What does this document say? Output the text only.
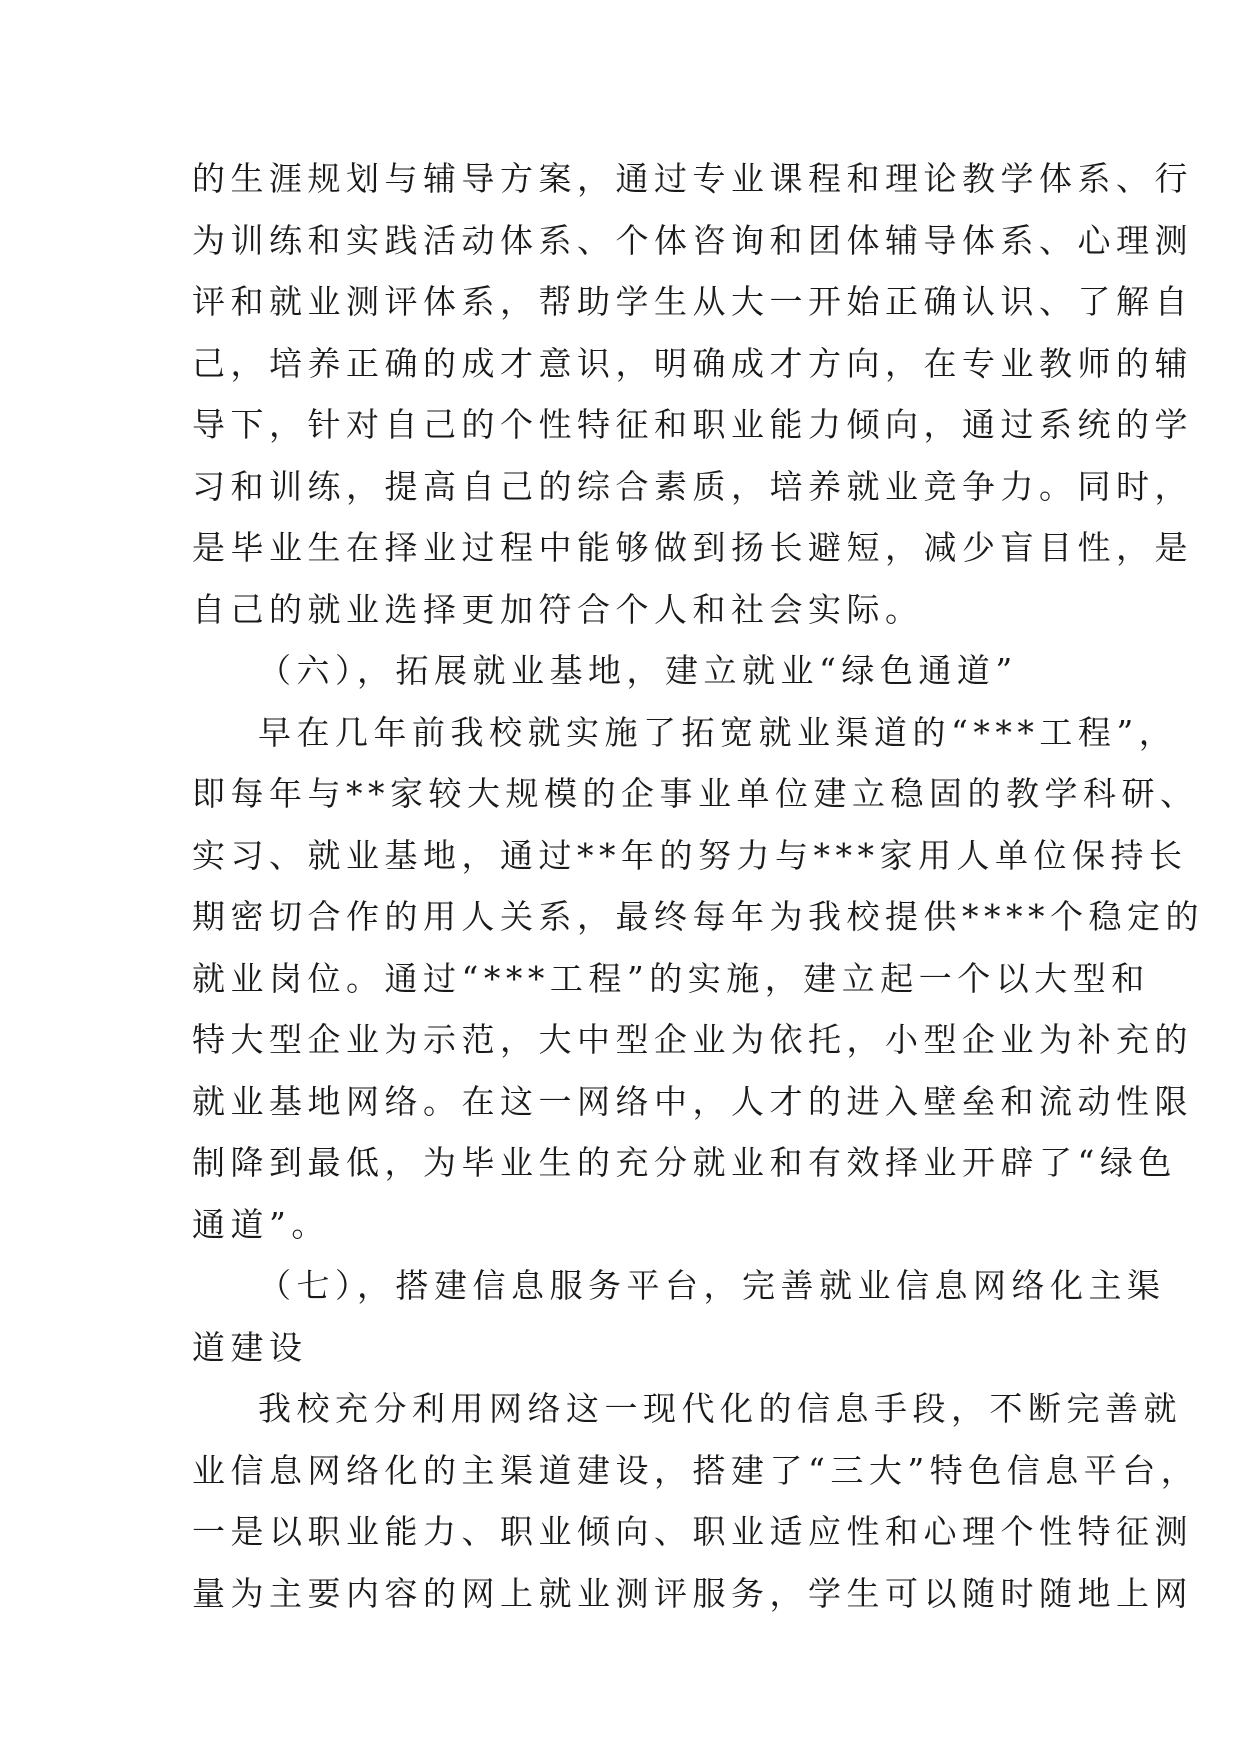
的生涯规划与辅导方案，通过专业课程和理论教学体系、行
为训练和实践活动体系、个体咨询和团体辅导体系、心理测
评和就业测评体系，帮助学生从大一开始正确认识、了解自
己，培养正确的成才意识，明确成才方向，在专业教师的辅
导下，针对自己的个性特征和职业能力倾向，通过系统的学
习和训练，提高自己的综合素质，培养就业竞争力。同时，
是毕业生在择业过程中能够做到扬长避短，减少盲目性，是
自己的就业选择更加符合个人和社会实际。
（六），拓展就业基地，建立就业“绿色通道”
早在几年前我校就实施了拓宽就业渠道的“***工程”，
即每年与**家较大规模的企事业单位建立稳固的教学科研、
实习、就业基地，通过**年的努力与***家用人单位保持长
期密切合作的用人关系，最终每年为我校提供****个稳定的
就业岗位。通过“***工程”的实施，建立起一个以大型和
特大型企业为示范，大中型企业为依托，小型企业为补充的
就业基地网络。在这一网络中，人才的进入壁垒和流动性限
制降到最低，为毕业生的充分就业和有效择业开辟了“绿色
通道”。
（七），搭建信息服务平台，完善就业信息网络化主渠
道建设
我校充分利用网络这一现代化的信息手段，不断完善就
业信息网络化的主渠道建设，搭建了“三大”特色信息平台，
一是以职业能力、职业倾向、职业适应性和心理个性特征测
量为主要内容的网上就业测评服务，学生可以随时随地上网
